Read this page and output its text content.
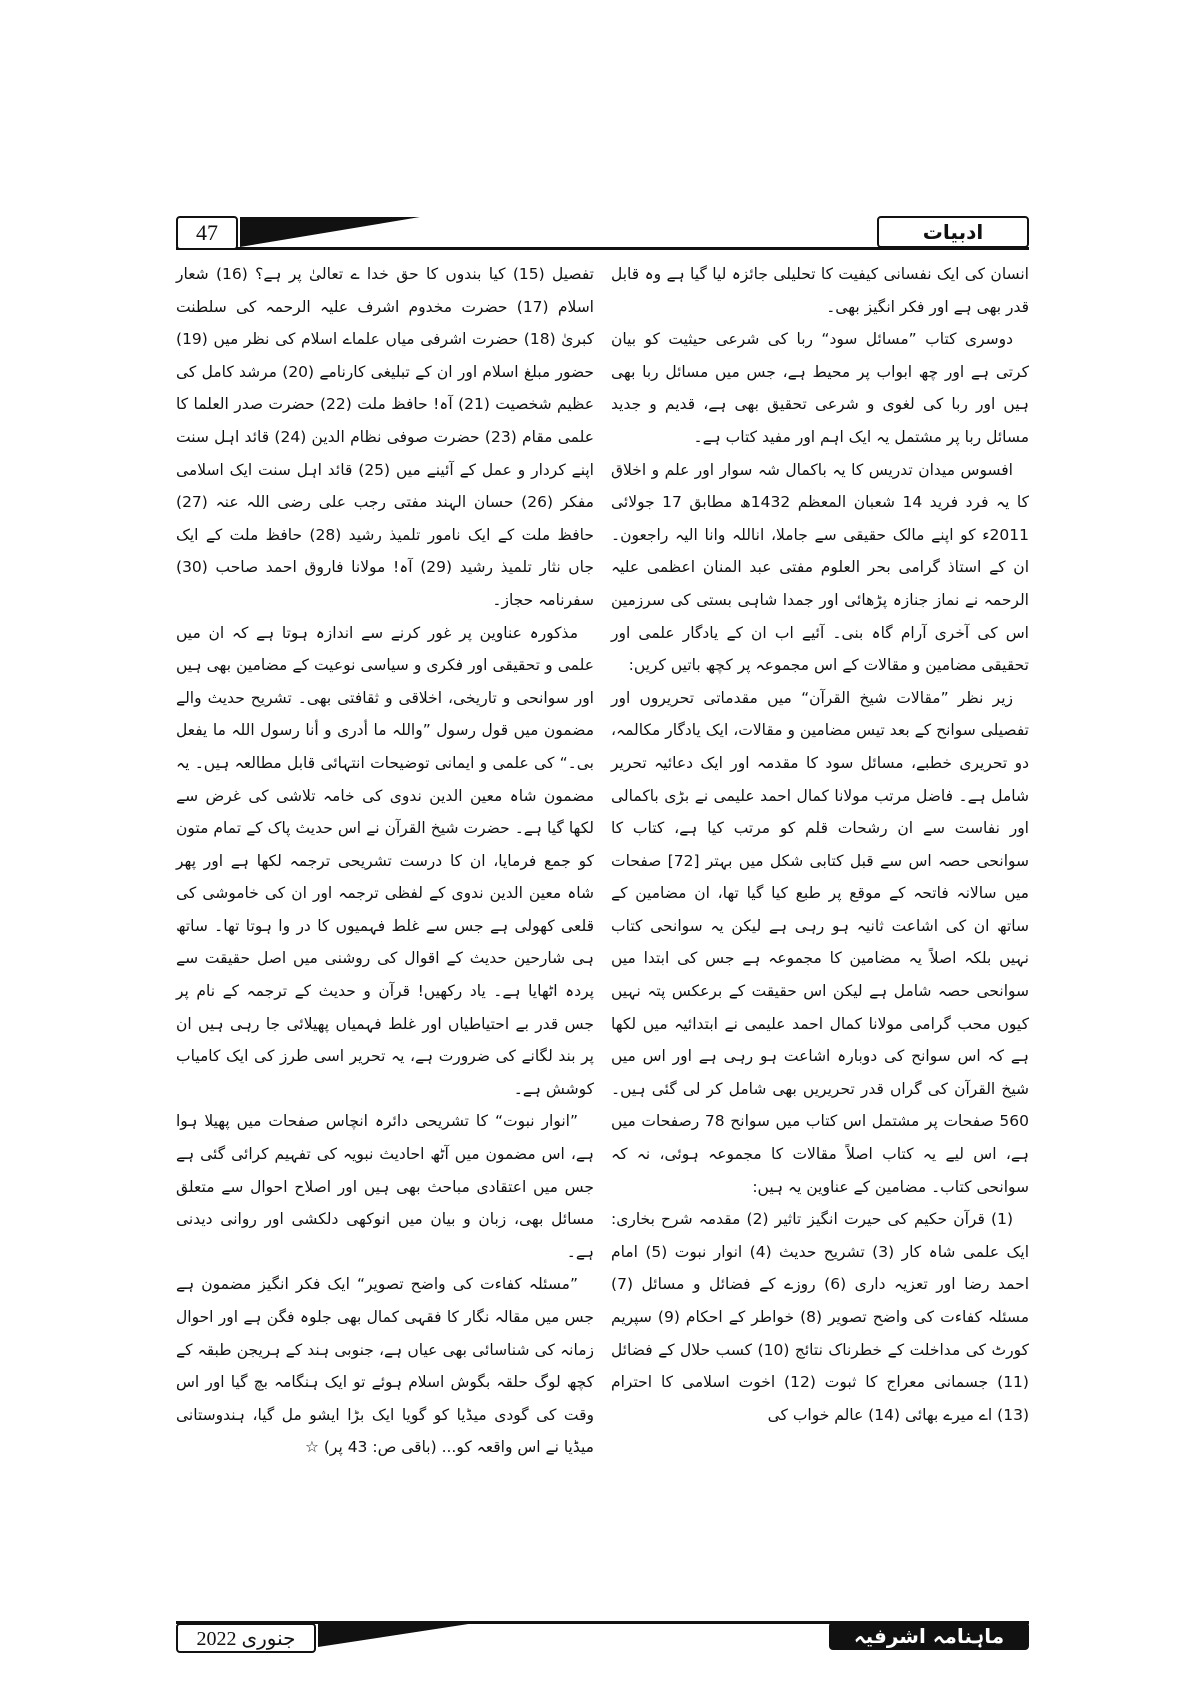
47	ادبیات

انسان کی ایک نفسانی کیفیت کا تحلیلی جائزہ لیا گیا ہے وہ قابل قدر بھی ہے اور فکر انگیز بھی۔

دوسری کتاب ”مسائل سود“ ربا کی شرعی حیثیت کو بیان کرتی ہے اور چھ ابواب پر محیط ہے، جس میں مسائل ربا بھی ہیں اور ربا کی لغوی و شرعی تحقیق بھی ہے، قدیم و جدید مسائل ربا پر مشتمل یہ ایک اہم اور مفید کتاب ہے۔

افسوس میدان تدریس کا یہ باکمال شہ سوار اور علم و اخلاق کا یہ فرد فرید 14 شعبان المعظم 1432ھ مطابق 17 جولائی 2011ء کو اپنے مالک حقیقی سے جاملا، اناللہ وانا الیہ راجعون۔ ان کے استاذ گرامی بحر العلوم مفتی عبد المنان اعظمی علیہ الرحمہ نے نماز جنازہ پڑھائی اور جمدا شاہی بستی کی سرزمین اس کی آخری آرام گاہ بنی۔ آئیے اب ان کے یادگار علمی اور تحقیقی مضامین و مقالات کے اس مجموعہ پر کچھ باتیں کریں:

زیر نظر ”مقالات شیخ القرآن“ میں مقدماتی تحریروں اور تفصیلی سوانح کے بعد تیس مضامین و مقالات، ایک یادگار مکالمہ، دو تحریری خطبے، مسائل سود کا مقدمہ اور ایک دعائیہ تحریر شامل ہے۔ فاضل مرتب مولانا کمال احمد علیمی نے بڑی باکمالی اور نفاست سے ان رشحات قلم کو مرتب کیا ہے، کتاب کا سوانحی حصہ اس سے قبل کتابی شکل میں بہتر [72] صفحات میں سالانہ فاتحہ کے موقع پر طبع کیا گیا تھا، ان مضامین کے ساتھ ان کی اشاعت ثانیہ ہو رہی ہے لیکن یہ سوانحی کتاب نہیں بلکہ اصلاً یہ مضامین کا مجموعہ ہے جس کی ابتدا میں سوانحی حصہ شامل ہے لیکن اس حقیقت کے برعکس پتہ نہیں کیوں محب گرامی مولانا کمال احمد علیمی نے ابتدائیہ میں لکھا ہے کہ اس سوانح کی دوبارہ اشاعت ہو رہی ہے اور اس میں شیخ القرآن کی گراں قدر تحریریں بھی شامل کر لی گئی ہیں۔ 560 صفحات پر مشتمل اس کتاب میں سوانح 78 رصفحات میں ہے، اس لیے یہ کتاب اصلاً مقالات کا مجموعہ ہوئی، نہ کہ سوانحی کتاب۔ مضامین کے عناوین یہ ہیں:

(1) قرآن حکیم کی حیرت انگیز تاثیر (2) مقدمہ شرح بخاری: ایک علمی شاہ کار (3) تشریح حدیث (4) انوار نبوت (5) امام احمد رضا اور تعزیہ داری (6) روزے کے فضائل و مسائل (7) مسئلہ کفاءت کی واضح تصویر (8) خواطر کے احکام (9) سپریم کورٹ کی مداخلت کے خطرناک نتائج (10) کسب حلال کے فضائل (11) جسمانی معراج کا ثبوت (12) اخوت اسلامی کا احترام (13) اے میرے بھائی (14) عالم خواب کی

تفصیل (15) کیا بندوں کا حق خدا ے تعالیٰ پر ہے؟ (16) شعار اسلام (17) حضرت مخدوم اشرف علیہ الرحمہ کی سلطنت کبریٰ (18) حضرت اشرفی میاں علماے اسلام کی نظر میں (19) حضور مبلغ اسلام اور ان کے تبلیغی کارنامے (20) مرشد کامل کی عظیم شخصیت (21) آہ! حافظ ملت (22) حضرت صدر العلما کا علمی مقام (23) حضرت صوفی نظام الدین (24) قائد اہل سنت اپنے کردار و عمل کے آئینے میں (25) قائد اہل سنت ایک اسلامی مفکر (26) حسان الہند مفتی رجب علی رضی اللہ عنہ (27) حافظ ملت کے ایک نامور تلمیذ رشید (28) حافظ ملت کے ایک جاں نثار تلمیذ رشید (29) آہ! مولانا فاروق احمد صاحب (30) سفرنامہ حجاز۔

مذکورہ عناوین پر غور کرنے سے اندازہ ہوتا ہے کہ ان میں علمی و تحقیقی اور فکری و سیاسی نوعیت کے مضامین بھی ہیں اور سوانحی و تاریخی، اخلاقی و ثقافتی بھی۔ تشریح حدیث والے مضمون میں قول رسول ”واللہ ما أدری و أنا رسول اللہ ما یفعل بی۔“ کی علمی و ایمانی توضیحات انتہائی قابل مطالعہ ہیں۔ یہ مضمون شاہ معین الدین ندوی کی خامہ تلاشی کی غرض سے لکھا گیا ہے۔ حضرت شیخ القرآن نے اس حدیث پاک کے تمام متون کو جمع فرمایا، ان کا درست تشریحی ترجمہ لکھا ہے اور پھر شاہ معین الدین ندوی کے لفظی ترجمہ اور ان کی خاموشی کی قلعی کھولی ہے جس سے غلط فہمیوں کا در وا ہوتا تھا۔ ساتھ ہی شارحین حدیث کے اقوال کی روشنی میں اصل حقیقت سے پردہ اٹھایا ہے۔ یاد رکھیں! قرآن و حدیث کے ترجمہ کے نام پر جس قدر بے احتیاطیاں اور غلط فہمیاں پھیلائی جا رہی ہیں ان پر بند لگانے کی ضرورت ہے، یہ تحریر اسی طرز کی ایک کامیاب کوشش ہے۔

”انوار نبوت“ کا تشریحی دائرہ انچاس صفحات میں پھیلا ہوا ہے، اس مضمون میں آٹھ احادیث نبویہ کی تفہیم کرائی گئی ہے جس میں اعتقادی مباحث بھی ہیں اور اصلاح احوال سے متعلق مسائل بھی، زبان و بیان میں انوکھی دلکشی اور روانی دیدنی ہے۔

”مسئلہ کفاءت کی واضح تصویر“ ایک فکر انگیز مضمون ہے جس میں مقالہ نگار کا فقہی کمال بھی جلوہ فگن ہے اور احوال زمانہ کی شناسائی بھی عیاں ہے، جنوبی ہند کے ہریجن طبقہ کے کچھ لوگ حلقہ بگوش اسلام ہوئے تو ایک ہنگامہ بچ گیا اور اس وقت کی گودی میڈیا کو گویا ایک بڑا ایشو مل گیا، ہندوستانی میڈیا نے اس واقعہ کو... (باقی ص: 43 پر) ☆

جنوری 2022	ماہنامہ اشرفیہ
